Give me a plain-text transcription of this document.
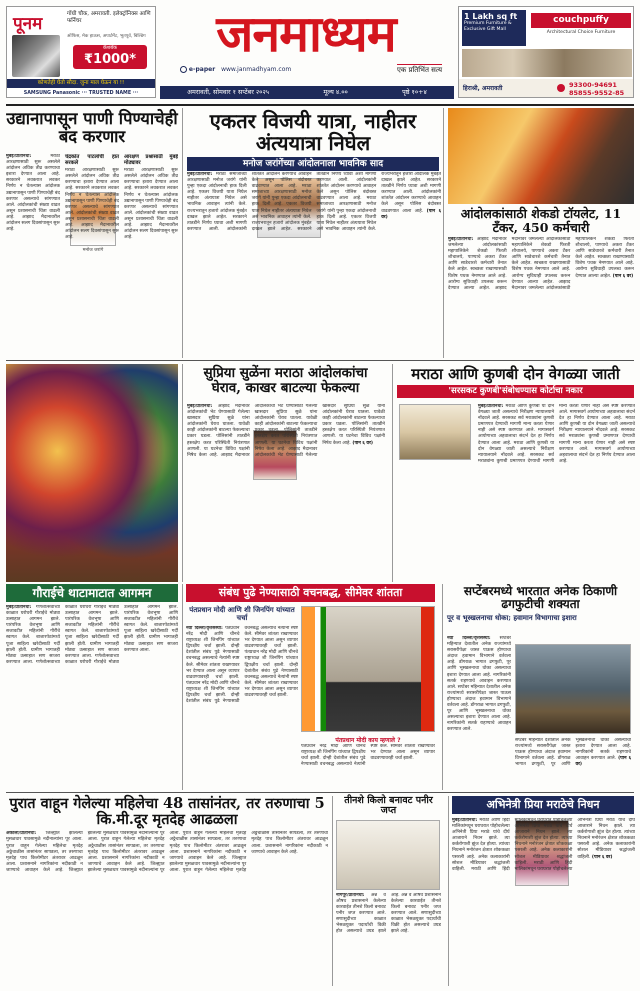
पूनम	गोंधी चौक, अमरावती. इलेक्ट्रॉनिक्स आणि फर्निचर
ऑफिस, मेक हाऊस, अपार्टमेंट, भूतपूर्व, बिल्डिंग
कॅशबॅक
₹1000*
कोणतेही घेतो सौदा. जुना माल घेऊन या !!
SAMSUNG Panasonic ··· TRUSTED NAME ···
जनमाध्यम
e-paper www.janmadhyam.com	एक प्रतिभिंत सत्य
1 Lakh sq ft
Premium Furniture & Exclusive Gift Mall
couchpuffy
Architectural Choice Furniture
हिराश्री, अमरावती	93300-94691
85855-9552-85
अमरावती, सोमवार १ सप्टेंबर २०२५	मूल्य ४.००	पृष्ठे १०+४
उद्यानापासून पाणी पिण्याचेही बंद करणार
मनोज जरांगे
मुंबई/प्रतिनिधी:	मराठा आरक्षणासाठी सुरू असलेले आंदोलन अधिक तीव्र करण्याचा इशारा देण्यात आला आहे. सरकारने लवकरात लवकर निर्णय न घेतल्यास आंदोलक उद्यानापासून पाणी पिण्याचेही बंद करणार असल्याचे सांगण्यात आले. आंदोलकांची संख्या वाढत असून प्रशासनाची चिंता वाढली आहे. आझाद मैदानावरील आंदोलन सलग दिवसांपासून सुरू आहे.
चंद्रकांत पाटलांची हात सरकले
मराठा आरक्षणासाठी सुरू असलेले आंदोलन अधिक तीव्र करण्याचा इशारा देण्यात आला आहे. सरकारने लवकरात लवकर निर्णय न घेतल्यास आंदोलक उद्यानापासून पाणी पिण्याचेही बंद करणार असल्याचे सांगण्यात आले. आंदोलकांची संख्या वाढत असून प्रशासनाची चिंता वाढली आहे. आझाद मैदानावरील आंदोलन सलग दिवसांपासून सुरू आहे.
आरक्षण प्रश्नासाठी मुंबई मोठ्यावर
मराठा आरक्षणासाठी सुरू असलेले आंदोलन अधिक तीव्र करण्याचा इशारा देण्यात आला आहे. सरकारने लवकरात लवकर निर्णय न घेतल्यास आंदोलक उद्यानापासून पाणी पिण्याचेही बंद करणार असल्याचे सांगण्यात आले. आंदोलकांची संख्या वाढत असून प्रशासनाची चिंता वाढली आहे. आझाद मैदानावरील आंदोलन सलग दिवसांपासून सुरू आहे.
एकतर विजयी यात्रा, नाहीतर अंत्ययात्रा निघेल
मनोज जरांगेंच्या आंदोलनाला भावनिक साद
मुंबई/प्रतिनिधी: मराठा समाजाच्या आरक्षणासाठी मनोज जरांगे यांनी पुन्हा एकदा आंदोलनाची हाक दिली आहे. एकतर विजयी यात्रा निघेल नाहीतर अंत्ययात्रा निघेल असे भावनिक आवाहन त्यांनी केले. राज्यभरातून हजारो आंदोलक मुंबईत दाखल झाले आहेत. सरकारने तातडीने निर्णय घ्यावा अशी मागणी करण्यात आली. आंदोलकांनी शांततेत आंदोलन करण्याचे आवाहन केले असून पोलिस बंदोबस्त वाढवण्यात आला आहे. मराठा समाजाच्या आरक्षणासाठी मनोज जरांगे यांनी पुन्हा एकदा आंदोलनाची हाक दिली आहे. एकतर विजयी यात्रा निघेल नाहीतर अंत्ययात्रा निघेल असे भावनिक आवाहन त्यांनी केले. राज्यभरातून हजारो आंदोलक मुंबईत दाखल झाले आहेत. सरकारने तातडीने निर्णय घ्यावा अशी मागणी करण्यात आली. आंदोलकांनी शांततेत आंदोलन करण्याचे आवाहन केले असून पोलिस बंदोबस्त वाढवण्यात आला आहे. मराठा समाजाच्या आरक्षणासाठी मनोज जरांगे यांनी पुन्हा एकदा आंदोलनाची हाक दिली आहे. एकतर विजयी यात्रा निघेल नाहीतर अंत्ययात्रा निघेल असे भावनिक आवाहन त्यांनी केले. राज्यभरातून हजारो आंदोलक मुंबईत दाखल झाले आहेत. सरकारने तातडीने निर्णय घ्यावा अशी मागणी करण्यात आली. आंदोलकांनी शांततेत आंदोलन करण्याचे आवाहन केले असून पोलिस बंदोबस्त वाढवण्यात आला आहे. (पान ६ वर)	आंदोलकांसाठी शेकडो टॉयलेट, 11 टँकर, 450 कर्मचारी
मुंबई/प्रतिनिधी: आझाद मैदानावर जमलेल्या आंदोलकांसाठी महापालिकेने शेकडो फिरती शौचालये, पाण्याचे अकरा टँकर आणि साडेचारशे कर्मचारी तैनात केले आहेत. स्वच्छता राखण्यासाठी विशेष पथक नेमण्यात आले आहे. आरोग्य सुविधाही उपलब्ध करून देण्यात आल्या आहेत. आझाद मैदानावर जमलेल्या आंदोलकांसाठी महापालिकेने शेकडो फिरती शौचालये, पाण्याचे अकरा टँकर आणि साडेचारशे कर्मचारी तैनात केले आहेत. स्वच्छता राखण्यासाठी विशेष पथक नेमण्यात आले आहे. आरोग्य सुविधाही उपलब्ध करून देण्यात आल्या आहेत. आझाद मैदानावर जमलेल्या आंदोलकांसाठी महापालिकेने शेकडो फिरती शौचालये, पाण्याचे अकरा टँकर आणि साडेचारशे कर्मचारी तैनात केले आहेत. स्वच्छता राखण्यासाठी विशेष पथक नेमण्यात आले आहे. आरोग्य सुविधाही उपलब्ध करून देण्यात आल्या आहेत. (पान ६ वर)
सुप्रिया सुळेंना मराठा आंदोलकांचा घेराव, काखर बाटल्या फेकल्या
मुंबई/प्रतिनिधी: आझाद मैदानावर आंदोलकांची भेट घेण्यासाठी गेलेल्या खासदार सुप्रिया सुळे यांना आंदोलकांनी घेराव घातला. यावेळी काही आंदोलकांनी बाटल्या फेकल्याचा प्रकार घडला. पोलिसांनी तातडीने हस्तक्षेप करत परिस्थिती नियंत्रणात आणली. या घटनेचा विविध पक्षांनी निषेध केला आहे. आझाद मैदानावर आंदोलकांची भेट घेण्यासाठी गेलेल्या खासदार सुप्रिया सुळे यांना आंदोलकांनी घेराव घातला. यावेळी काही आंदोलकांनी बाटल्या फेकल्याचा प्रकार घडला. पोलिसांनी तातडीने हस्तक्षेप करत परिस्थिती नियंत्रणात आणली. या घटनेचा विविध पक्षांनी निषेध केला आहे. आझाद मैदानावर आंदोलकांची भेट घेण्यासाठी गेलेल्या खासदार सुप्रिया सुळे यांना आंदोलकांनी घेराव घातला. यावेळी काही आंदोलकांनी बाटल्या फेकल्याचा प्रकार घडला. पोलिसांनी तातडीने हस्तक्षेप करत परिस्थिती नियंत्रणात आणली. या घटनेचा विविध पक्षांनी निषेध केला आहे. (पान ६ वर)
मराठा आणि कुणबी दोन वेगळ्या जाती
'सरसकट कुणबी'संबोधण्यास कोर्टाचा नकार
मुंबई/प्रतिनिधी: मराठा आणि कुणबी या दोन वेगळ्या जाती असल्याचे निरीक्षण न्यायालयाने नोंदवले आहे. सरसकट सर्व मराठ्यांना कुणबी प्रमाणपत्र देण्याची मागणी मान्य करता येणार नाही असे स्पष्ट करण्यात आले. मागासवर्ग आयोगाच्या अहवालाचा संदर्भ देत हा निर्णय देण्यात आला आहे. मराठा आणि कुणबी या दोन वेगळ्या जाती असल्याचे निरीक्षण न्यायालयाने नोंदवले आहे. सरसकट सर्व मराठ्यांना कुणबी प्रमाणपत्र देण्याची मागणी मान्य करता येणार नाही असे स्पष्ट करण्यात आले. मागासवर्ग आयोगाच्या अहवालाचा संदर्भ देत हा निर्णय देण्यात आला आहे. मराठा आणि कुणबी या दोन वेगळ्या जाती असल्याचे निरीक्षण न्यायालयाने नोंदवले आहे. सरसकट सर्व मराठ्यांना कुणबी प्रमाणपत्र देण्याची मागणी मान्य करता येणार नाही असे स्पष्ट करण्यात आले. मागासवर्ग आयोगाच्या अहवालाचा संदर्भ देत हा निर्णय देण्यात आला आहे.
गौराईचे थाटामाटात आगमन
मुंबई/प्रतिनिधी: गणेशोत्सवाच्या काळात घरोघरी गौराईचे मोठ्या उत्साहात आगमन झाले. पारंपरिक वेशभूषा आणि सजावटीत महिलांनी गौरींचे स्वागत केले. बाजारपेठांमध्ये पूजा साहित्य खरेदीसाठी गर्दी झाली होती. ग्रामीण भागातही मोठ्या उत्साहात सण साजरा करण्यात आला. गणेशोत्सवाच्या काळात घरोघरी गौराईचे मोठ्या उत्साहात आगमन झाले. पारंपरिक वेशभूषा आणि सजावटीत महिलांनी गौरींचे स्वागत केले. बाजारपेठांमध्ये पूजा साहित्य खरेदीसाठी गर्दी झाली होती. ग्रामीण भागातही मोठ्या उत्साहात सण साजरा करण्यात आला. गणेशोत्सवाच्या काळात घरोघरी गौराईचे मोठ्या उत्साहात आगमन झाले. पारंपरिक वेशभूषा आणि सजावटीत महिलांनी गौरींचे स्वागत केले. बाजारपेठांमध्ये पूजा साहित्य खरेदीसाठी गर्दी झाली होती. ग्रामीण भागातही मोठ्या उत्साहात सण साजरा करण्यात आला.
संबंध पुढे नेण्यासाठी वचनबद्ध, सीमेवर शांतता
पंतप्रधान मोदी आणि शी जिनपिंग यांच्यात चर्चा
नवी दिल्ली/वृत्तसंस्था: पंतप्रधान नरेंद्र मोदी आणि चीनचे राष्ट्राध्यक्ष शी जिनपिंग यांच्यात द्विपक्षीय चर्चा झाली. दोन्ही देशांतील संबंध पुढे नेण्यासाठी वचनबद्ध असल्याचे नेत्यांनी स्पष्ट केले. सीमेवर शांतता राखण्यावर भर देण्यात आला असून व्यापार वाढवण्यावरही चर्चा झाली. पंतप्रधान नरेंद्र मोदी आणि चीनचे राष्ट्राध्यक्ष शी जिनपिंग यांच्यात द्विपक्षीय चर्चा झाली. दोन्ही देशांतील संबंध पुढे नेण्यासाठी वचनबद्ध असल्याचे नेत्यांनी स्पष्ट केले. सीमेवर शांतता राखण्यावर भर देण्यात आला असून व्यापार वाढवण्यावरही चर्चा झाली. पंतप्रधान नरेंद्र मोदी आणि चीनचे राष्ट्राध्यक्ष शी जिनपिंग यांच्यात द्विपक्षीय चर्चा झाली. दोन्ही देशांतील संबंध पुढे नेण्यासाठी वचनबद्ध असल्याचे नेत्यांनी स्पष्ट केले. सीमेवर शांतता राखण्यावर भर देण्यात आला असून व्यापार वाढवण्यावरही चर्चा झाली.
पंतप्रधान मोदी काय म्हणाले ?
पंतप्रधान नरेंद्र मोदी आणि चीनचे राष्ट्राध्यक्ष शी जिनपिंग यांच्यात द्विपक्षीय चर्चा झाली. दोन्ही देशांतील संबंध पुढे नेण्यासाठी वचनबद्ध असल्याचे नेत्यांनी स्पष्ट केले. सीमेवर शांतता राखण्यावर भर देण्यात आला असून व्यापार वाढवण्यावरही चर्चा झाली.
सप्टेंबरमध्ये भारतात अनेक ठिकाणी ढगफुटीची शक्यता
पूर व भूस्खलनाचा धोका; हवामान विभागाचा इशारा
नवी दिल्ली/वृत्तसंस्था: सप्टेंबर महिन्यात देशातील अनेक राज्यांमध्ये सरासरीपेक्षा जास्त पाऊस होण्याचा अंदाज हवामान विभागाने वर्तवला आहे. डोंगराळ भागात ढगफुटी, पूर आणि भूस्खलनाचा धोका असल्याचा इशारा देण्यात आला आहे. नागरिकांनी सतर्क राहण्याचे आवाहन करण्यात आले. सप्टेंबर महिन्यात देशातील अनेक राज्यांमध्ये सरासरीपेक्षा जास्त पाऊस होण्याचा अंदाज हवामान विभागाने वर्तवला आहे. डोंगराळ भागात ढगफुटी, पूर आणि भूस्खलनाचा धोका असल्याचा इशारा देण्यात आला आहे. नागरिकांनी सतर्क राहण्याचे आवाहन करण्यात आले.
सप्टेंबर महिन्यात देशातील अनेक राज्यांमध्ये सरासरीपेक्षा जास्त पाऊस होण्याचा अंदाज हवामान विभागाने वर्तवला आहे. डोंगराळ भागात ढगफुटी, पूर आणि भूस्खलनाचा धोका असल्याचा इशारा देण्यात आला आहे. नागरिकांनी सतर्क राहण्याचे आवाहन करण्यात आले. (पान ६ वर)
पुरात वाहून गेलेल्या महिलेचा 48 तासांनंतर, तर तरुणाचा 5 कि.मी.दूर मृतदेह आढळला
अकोला/प्रतिनिधी: जिल्ह्यात झालेल्या मुसळधार पावसामुळे नदीनाल्यांना पूर आला. पुरात वाहून गेलेल्या महिलेचा मृतदेह अठ्ठेचाळीस तासांनंतर सापडला, तर तरुणाचा मृतदेह पाच किलोमीटर अंतरावर आढळून आला. प्रशासनाने नागरिकांना नदीकाठी न जाण्याचे आवाहन केले आहे. जिल्ह्यात झालेल्या मुसळधार पावसामुळे नदीनाल्यांना पूर आला. पुरात वाहून गेलेल्या महिलेचा मृतदेह अठ्ठेचाळीस तासांनंतर सापडला, तर तरुणाचा मृतदेह पाच किलोमीटर अंतरावर आढळून आला. प्रशासनाने नागरिकांना नदीकाठी न जाण्याचे आवाहन केले आहे. जिल्ह्यात झालेल्या मुसळधार पावसामुळे नदीनाल्यांना पूर आला. पुरात वाहून गेलेल्या महिलेचा मृतदेह अठ्ठेचाळीस तासांनंतर सापडला, तर तरुणाचा मृतदेह पाच किलोमीटर अंतरावर आढळून आला. प्रशासनाने नागरिकांना नदीकाठी न जाण्याचे आवाहन केले आहे. जिल्ह्यात झालेल्या मुसळधार पावसामुळे नदीनाल्यांना पूर आला. पुरात वाहून गेलेल्या महिलेचा मृतदेह अठ्ठेचाळीस तासांनंतर सापडला, तर तरुणाचा मृतदेह पाच किलोमीटर अंतरावर आढळून आला. प्रशासनाने नागरिकांना नदीकाठी न जाण्याचे आवाहन केले आहे.
तीनशे किलो बनावट पनीर जप्त
नागपूर/प्रतिनिधी: अन्न व औषध प्रशासनाने केलेल्या कारवाईत तीनशे किलो बनावट पनीर जप्त करण्यात आले. सणासुदीच्या काळात भेसळयुक्त पदार्थांची विक्री होत असल्याचे उघड झाले आहे. अन्न व औषध प्रशासनाने केलेल्या कारवाईत तीनशे किलो बनावट पनीर जप्त करण्यात आले. सणासुदीच्या काळात भेसळयुक्त पदार्थांची विक्री होत असल्याचे उघड झाले आहे.
अभिनेत्री प्रिया मराठेचे निधन
मुंबई/प्रतिनिधी: मराठी आणि हिंदी मालिकांमधून घराघरात पोहोचलेल्या अभिनेत्री प्रिया मराठे यांचे दीर्घ आजाराने निधन झाले. त्या कर्करोगाशी झुंज देत होत्या. त्यांच्या निधनाने मनोरंजन क्षेत्रात शोककळा पसरली आहे. अनेक कलाकारांनी सोशल मीडियावर श्रद्धांजली वाहिली. मराठी आणि हिंदी मालिकांमधून घराघरात पोहोचलेल्या अभिनेत्री प्रिया मराठे यांचे दीर्घ आजाराने निधन झाले. त्या कर्करोगाशी झुंज देत होत्या. त्यांच्या निधनाने मनोरंजन क्षेत्रात शोककळा पसरली आहे. अनेक कलाकारांनी सोशल मीडियावर श्रद्धांजली वाहिली. मराठी आणि हिंदी मालिकांमधून घराघरात पोहोचलेल्या अभिनेत्री प्रिया मराठे यांचे दीर्घ आजाराने निधन झाले. त्या कर्करोगाशी झुंज देत होत्या. त्यांच्या निधनाने मनोरंजन क्षेत्रात शोककळा पसरली आहे. अनेक कलाकारांनी सोशल मीडियावर श्रद्धांजली वाहिली. (पान ६ वर)
